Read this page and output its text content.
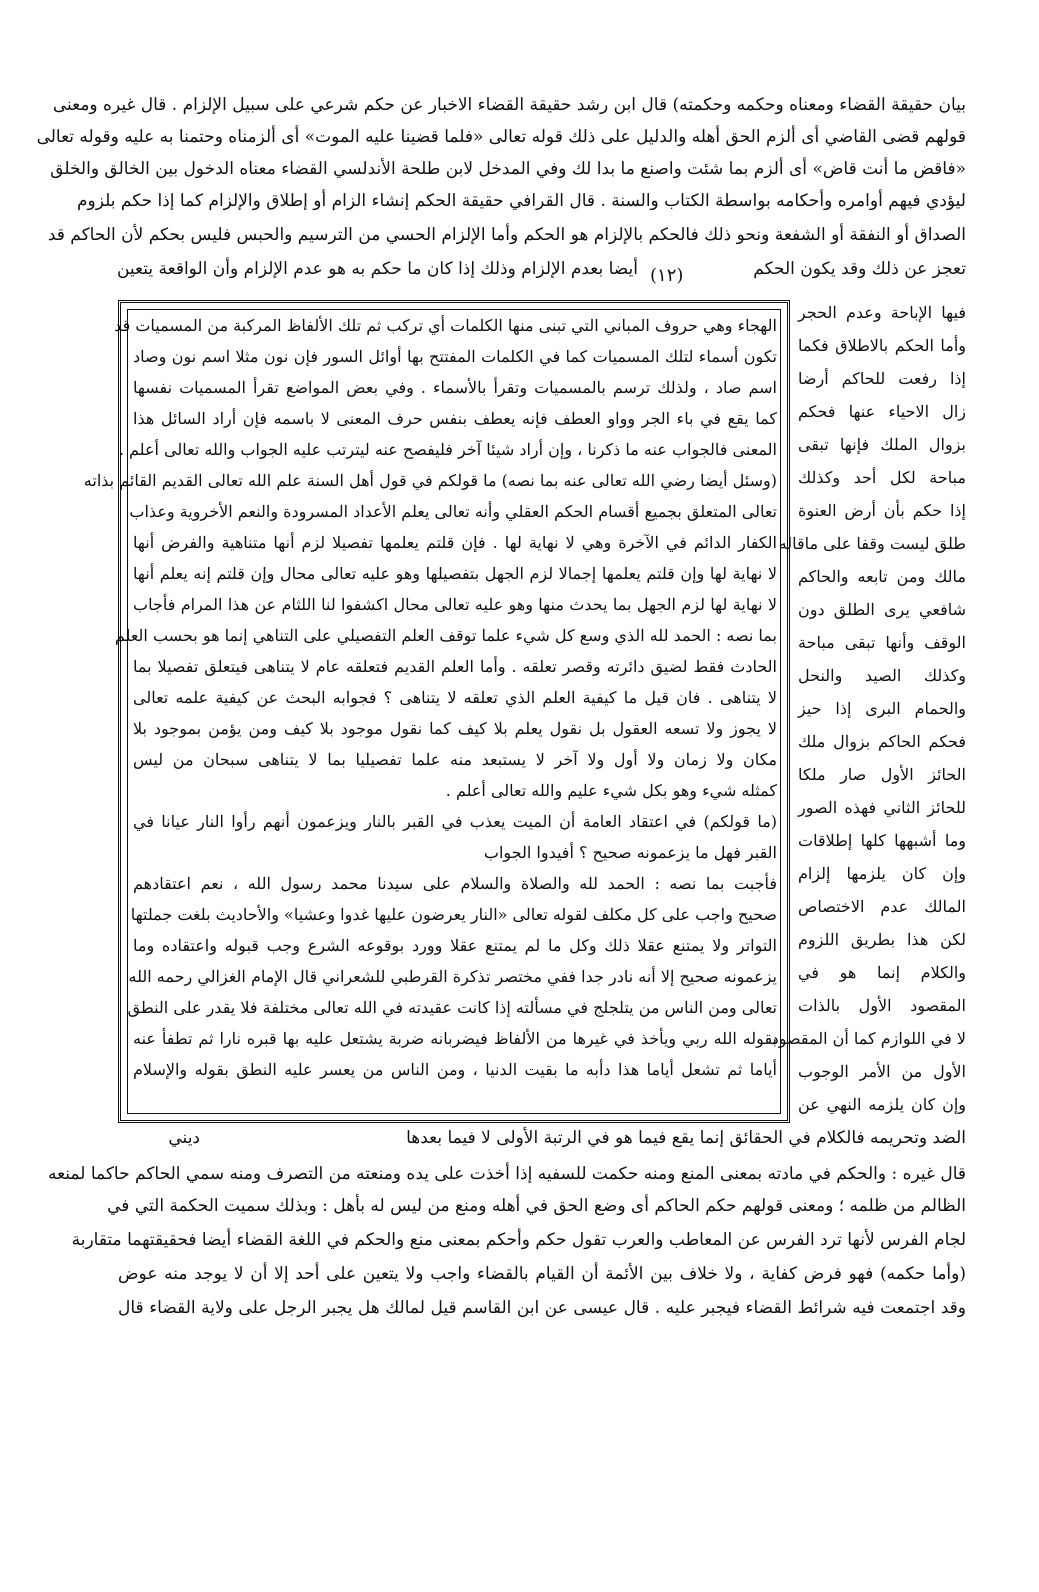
بيان حقيقة القضاء ومعناه وحكمه وحكمته) قال ابن رشد حقيقة القضاء الاخبار عن حكم شرعي على سبيل الإلزام . قال غيره ومعنى
قولهم قضى القاضي أى ألزم الحق أهله والدليل على ذلك قوله تعالى «فلما قضينا عليه الموت» أى ألزمناه وحتمنا به عليه وقوله تعالى
«فاقض ما أنت قاض» أى ألزم بما شئت واصنع ما بدا لك وفي المدخل لابن طلحة الأندلسي القضاء معناه الدخول بين الخالق والخلق
ليؤدي فيهم أوامره وأحكامه بواسطة الكتاب والسنة . قال القرافي حقيقة الحكم إنشاء الزام أو إطلاق والإلزام كما إذا حكم بلزوم
الصداق أو النفقة أو الشفعة ونحو ذلك فالحكم بالإلزام هو الحكم وأما الإلزام الحسي من الترسيم والحبس فليس بحكم لأن الحاكم قد
تعجز عن ذلك وقد يكون الحكم
أيضا بعدم الإلزام وذلك إذا كان ما حكم به هو عدم الإلزام وأن الواقعة يتعين (١٢)
فيها الإباحة وعدم الحجر
وأما الحكم بالاطلاق فكما
إذا رفعت للحاكم أرضا
زال الاحياء عنها فحكم
بزوال الملك فإنها تبقى
مباحة لكل أحد وكذلك
إذا حكم بأن أرض العنوة
طلق ليست وقفا على ماقاله
مالك ومن تابعه والحاكم
شافعي يرى الطلق دون
الوقف وأنها تبقى مباحة
وكذلك الصيد والنحل
والحمام البرى إذا حيز
فحكم الحاكم بزوال ملك
الحائز الأول صار ملكا
للحائز الثاني فهذه الصور
وما أشبهها كلها إطلاقات
وإن كان يلزمها إلزام
المالك عدم الاختصاص
لكن هذا بطريق اللزوم
والكلام إنما هو في
المقصود الأول بالذات
لا في اللوازم كما أن المقصود
الأول من الأمر الوجوب
وإن كان يلزمه النهي عن
الهجاء وهي حروف المباني التي تبنى منها الكلمات أي تركب ثم تلك الألفاظ المركبة من المسميات قد
تكون أسماء لتلك المسميات كما في الكلمات المفتتح بها أوائل السور فإن نون مثلا اسم نون وصاد
اسم صاد ، ولذلك ترسم بالمسميات وتقرأ بالأسماء . وفي بعض المواضع تقرأ المسميات نفسها
كما يقع في باء الجر وواو العطف فإنه يعطف بنفس حرف المعنى لا باسمه فإن أراد السائل هذا
المعنى فالجواب عنه ما ذكرنا ، وإن أراد شيئا آخر فليفصح عنه ليترتب عليه الجواب والله تعالى أعلم .
(وسئل أيضا رضي الله تعالى عنه بما نصه) ما قولكم في قول أهل السنة علم الله تعالى القديم القائم بذاته
تعالى المتعلق بجميع أقسام الحكم العقلي وأنه تعالى يعلم الأعداد المسرودة والنعم الأخروية وعذاب
الكفار الدائم في الآخرة وهي لا نهاية لها . فإن قلتم يعلمها تفصيلا لزم أنها متناهية والفرض أنها
لا نهاية لها وإن قلتم يعلمها إجمالا لزم الجهل بتفصيلها وهو عليه تعالى محال وإن قلتم إنه يعلم أنها
لا نهاية لها لزم الجهل بما يحدث منها وهو عليه تعالى محال اكشفوا لنا اللثام عن هذا المرام فأجاب
بما نصه : الحمد لله الذي وسع كل شيء علما توقف العلم التفصيلي على التناهي إنما هو بحسب العلم
الحادث فقط لضيق دائرته وقصر تعلقه . وأما العلم القديم فتعلقه عام لا يتناهى فيتعلق تفصيلا بما
لا يتناهى . فان قيل ما كيفية العلم الذي تعلقه لا يتناهى ؟ فجوابه البحث عن كيفية علمه تعالى
لا يجوز ولا تسعه العقول بل نقول يعلم بلا كيف كما نقول موجود بلا كيف ومن يؤمن بموجود بلا
مكان ولا زمان ولا أول ولا آخر لا يستبعد منه علما تفصيليا بما لا يتناهى سبحان من ليس
كمثله شيء وهو بكل شيء عليم والله تعالى أعلم .
(ما قولكم) في اعتقاد العامة أن الميت يعذب في القبر بالنار ويزعمون أنهم رأوا النار عيانا في
القبر فهل ما يزعمونه صحيح ؟ أفيدوا الجواب
فأجبت بما نصه : الحمد لله والصلاة والسلام على سيدنا محمد رسول الله ، نعم اعتقادهم
صحيح واجب على كل مكلف لقوله تعالى «النار يعرضون عليها غدوا وعشيا» والأحاديث بلغت جملتها
التواتر ولا يمتنع عقلا ذلك وكل ما لم يمتنع عقلا وورد بوقوعه الشرع وجب قبوله واعتقاده وما
يزعمونه صحيح إلا أنه نادر جدا ففي مختصر تذكرة القرطبي للشعراني قال الإمام الغزالي رحمه الله
تعالى ومن الناس من يتلجلج في مسألته إذا كانت عقيدته في الله تعالى مختلفة فلا يقدر على النطق
بقوله الله ربي ويأخذ في غيرها من الألفاظ فيضربانه ضربة يشتعل عليه بها قبره نارا ثم تطفأ عنه
أياما ثم تشعل أياما هذا دأبه ما بقيت الدنيا ، ومن الناس من يعسر عليه النطق بقوله والإسلام
الضد وتحريمه فالكلام في الحقائق إنما يقع فيما هو في الرتبة الأولى لا فيما بعدها
ديني
قال غيره : والحكم في مادته بمعنى المنع ومنه حكمت للسفيه إذا أخذت على يده ومنعته من التصرف ومنه سمي الحاكم حاكما لمنعه
الظالم من ظلمه ؛ ومعنى قولهم حكم الحاكم أى وضع الحق في أهله ومنع من ليس له بأهل : وبذلك سميت الحكمة التي في
لجام الفرس لأنها ترد الفرس عن المعاطب والعرب تقول حكم وأحكم بمعنى منع والحكم في اللغة القضاء أيضا فحقيقتهما متقاربة
(وأما حكمه) فهو فرض كفاية ، ولا خلاف بين الأئمة أن القيام بالقضاء واجب ولا يتعين على أحد إلا أن لا يوجد منه عوض
وقد اجتمعت فيه شرائط القضاء فيجبر عليه . قال عيسى عن ابن القاسم قيل لمالك هل يجبر الرجل على ولاية القضاء قال
